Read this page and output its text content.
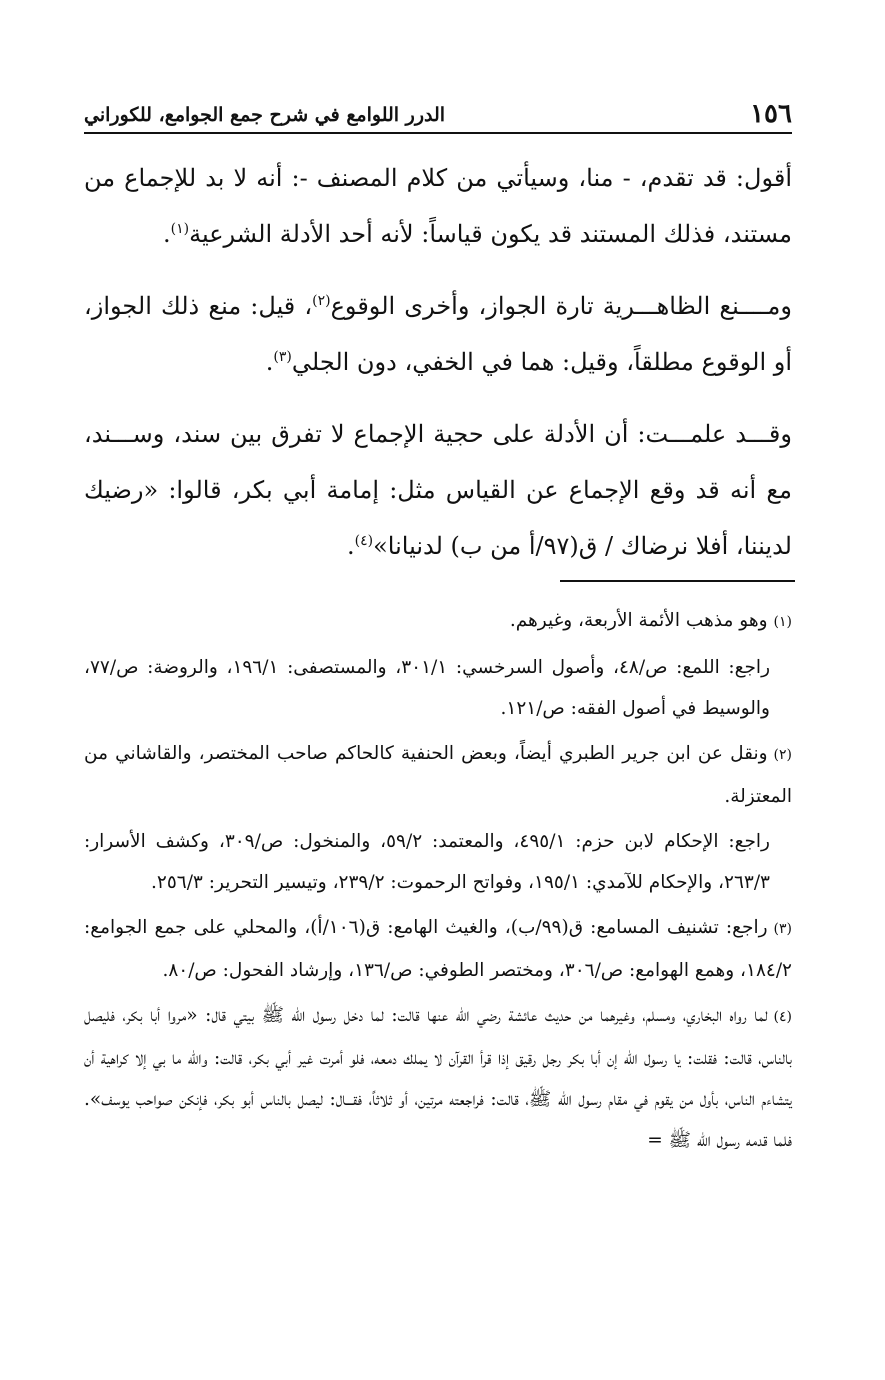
١٥٦
الدرر اللوامع في شرح جمع الجوامع، للكوراني

أقول: قد تقدم، - منا، وسيأتي من كلام المصنف -: أنه لا بد للإجماع من مستند، فذلك المستند قد يكون قياساً: لأنه أحد الأدلة الشرعية$^{(١)}$.

ومــــنع الظاهـــرية تارة الجواز، وأخرى الوقوع$^{(٢)}$، قيل: منع ذلك الجواز، أو الوقوع مطلقاً، وقيل: هما في الخفي، دون الجلي$^{(٣)}$.

وقـــد علمـــت: أن الأدلة على حجية الإجماع لا تفرق بين سند، وســـند، مع أنه قد وقع الإجماع عن القياس مثل: إمامة أبي بكر، قالوا: «رضيك لديننا، أفلا نرضاك / ق(٩٧/أ من ب) لدنيانا»$^{(٤)}$.

(١)وهو مذهب الأئمة الأربعة، وغيرهم.

راجع: اللمع: ص/٤٨، وأصول السرخسي: ٣٠١/١، والمستصفى: ١٩٦/١، والروضة: ص/٧٧، والوسيط في أصول الفقه: ص/١٢١.

(٢)ونقل عن ابن جرير الطبري أيضاً، وبعض الحنفية كالحاكم صاحب المختصر، والقاشاني من المعتزلة.

راجع: الإحكام لابن حزم: ٤٩٥/١، والمعتمد: ٥٩/٢، والمنخول: ص/٣٠٩، وكشف الأسرار: ٢٦٣/٣، والإحكام للآمدي: ١٩٥/١، وفواتح الرحموت: ٢٣٩/٢، وتيسير التحرير: ٢٥٦/٣.

(٣)راجع: تشنيف المسامع: ق(٩٩/ب)، والغيث الهامع: ق(١٠٦/أ)، والمحلي على جمع الجوامع: ١٨٤/٢، وهمع الهوامع: ص/٣٠٦، ومختصر الطوفي: ص/١٣٦، وإرشاد الفحول: ص/٨٠.

(٤)لما رواه البخاري، ومسلم، وغيرهما من حديث عائشة رضي الله عنها قالت: لما دخل رسول الله ﷺ بيتي قال: «مروا أبا بكر، فليصل بالناس، قالت: فقلت: يا رسول الله إن أبا بكر رجل رقيق إذا قرأ القرآن لا يملك دمعه، فلو أمرت غير أبي بكر، قالت: والله ما بي إلا كراهية أن يتشاءم الناس، بأول من يقوم في مقام رسول الله ﷺ، قالت: فراجعته مرتين، أو ثلاثاً، فقـــال: ليصل بالناس أبو بكر، فإنكن صواحب يوسف». فلما قدمه رسول الله ﷺ =
